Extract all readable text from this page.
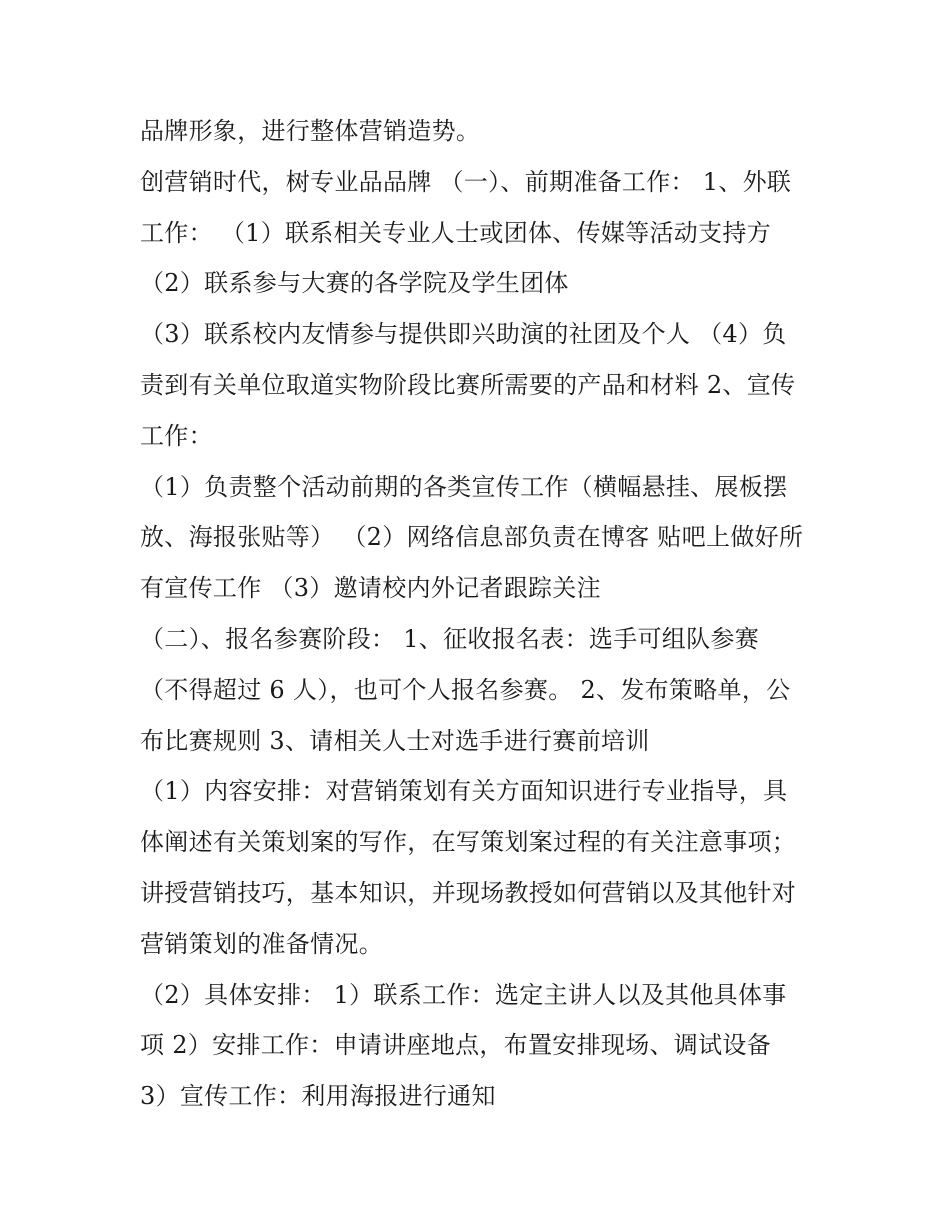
品牌形象，进行整体营销造势。
创营销时代，树专业品品牌 （一）、前期准备工作： 1、外联
工作： （1）联系相关专业人士或团体、传媒等活动支持方
（2）联系参与大赛的各学院及学生团体
（3）联系校内友情参与提供即兴助演的社团及个人 （4）负
责到有关单位取道实物阶段比赛所需要的产品和材料 2、宣传
工作：
（1）负责整个活动前期的各类宣传工作（横幅悬挂、展板摆
放、海报张贴等） （2）网络信息部负责在博客 贴吧上做好所
有宣传工作 （3）邀请校内外记者跟踪关注
（二）、报名参赛阶段： 1、征收报名表：选手可组队参赛
（不得超过 6 人），也可个人报名参赛。 2、发布策略单，公
布比赛规则 3、请相关人士对选手进行赛前培训
（1）内容安排：对营销策划有关方面知识进行专业指导，具
体阐述有关策划案的写作，在写策划案过程的有关注意事项；
讲授营销技巧，基本知识，并现场教授如何营销以及其他针对
营销策划的准备情况。
（2）具体安排： 1）联系工作：选定主讲人以及其他具体事
项 2）安排工作：申请讲座地点，布置安排现场、调试设备
3）宣传工作：利用海报进行通知
